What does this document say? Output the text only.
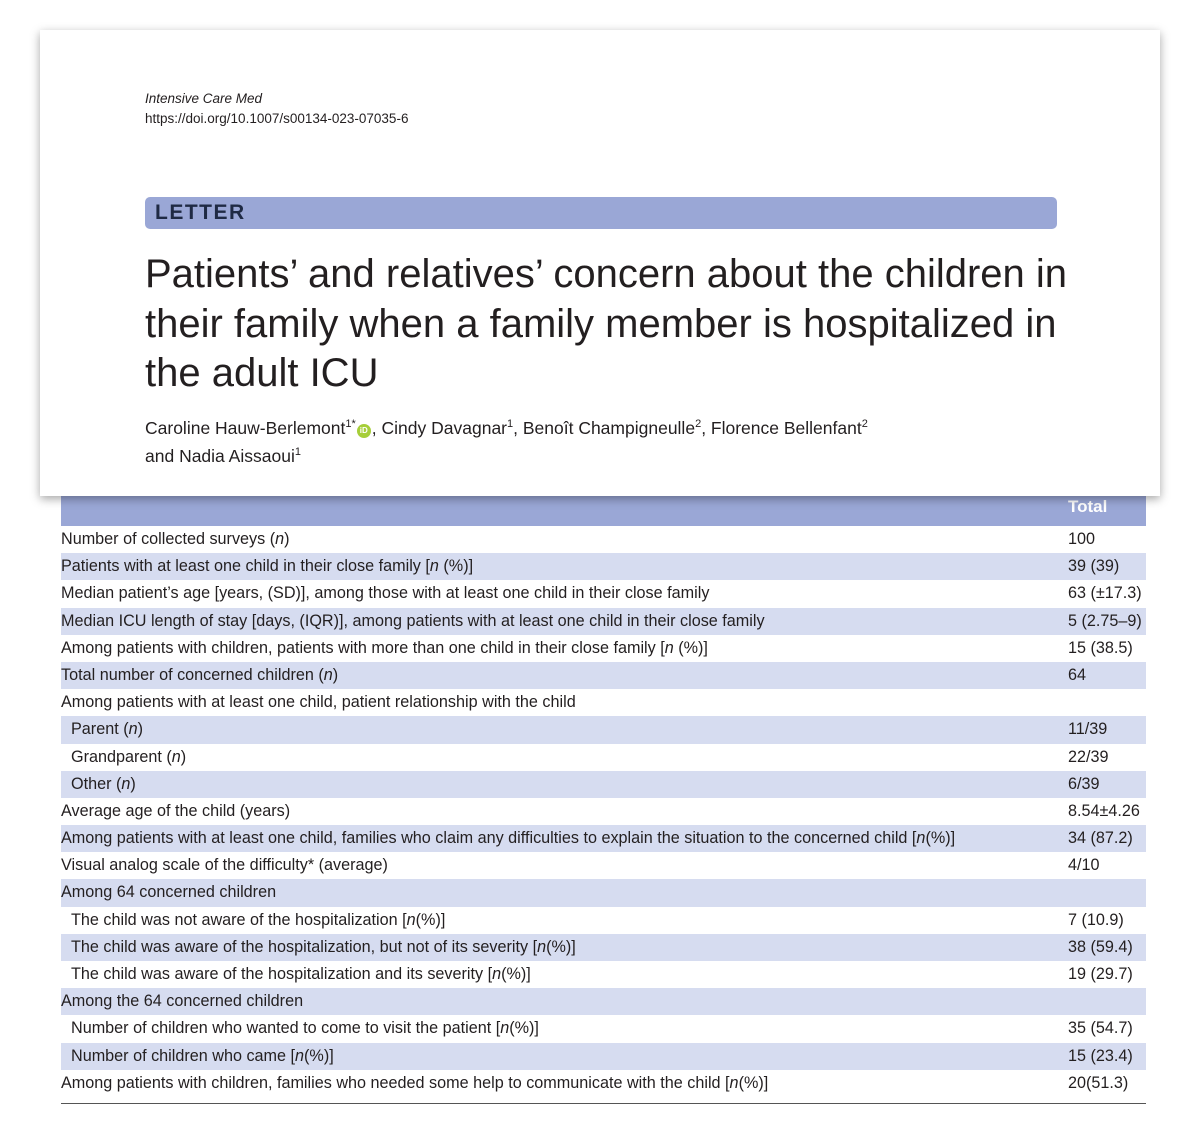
Intensive Care Med
https://doi.org/10.1007/s00134-023-07035-6
LETTER
Patients’ and relatives’ concern about the children in their family when a family member is hospitalized in the adult ICU
Caroline Hauw-Berlemont$^{1*}$iD , Cindy Davagnar$^1$, Benoît Champigneulle$^2$, Florence Bellenfant$^2$
and Nadia Aissaoui$^1$
Total
Number of collected surveys (n)	100
Patients with at least one child in their close family [n (%)]	39 (39)
Median patient’s age [years, (SD)], among those with at least one child in their close family	63 (±17.3)
Median ICU length of stay [days, (IQR)], among patients with at least one child in their close family	5 (2.75–9)
Among patients with children, patients with more than one child in their close family [n (%)]	15 (38.5)
Total number of concerned children (n)	64
Among patients with at least one child, patient relationship with the child
Parent (n)	11/39
Grandparent (n)	22/39
Other (n)	6/39
Average age of the child (years)	8.54±4.26
Among patients with at least one child, families who claim any difficulties to explain the situation to the concerned child [n(%)]	34 (87.2)
Visual analog scale of the difficulty* (average)	4/10
Among 64 concerned children
The child was not aware of the hospitalization [n(%)]	7 (10.9)
The child was aware of the hospitalization, but not of its severity [n(%)]	38 (59.4)
The child was aware of the hospitalization and its severity [n(%)]	19 (29.7)
Among the 64 concerned children
Number of children who wanted to come to visit the patient [n(%)]	35 (54.7)
Number of children who came [n(%)]	15 (23.4)
Among patients with children, families who needed some help to communicate with the child [n(%)]	20(51.3)
